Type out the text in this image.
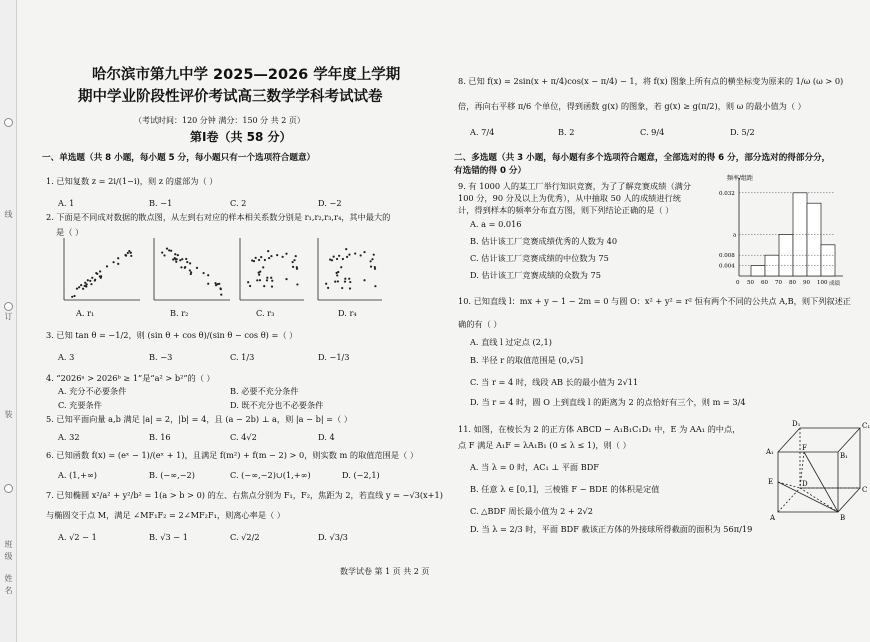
线
订
装
班
级
姓
名
哈尔滨市第九中学 2025—2026 学年度上学期
期中学业阶段性评价考试高三数学学科考试试卷
（考试时间：120 分钟 满分：150 分 共 2 页）
第Ⅰ卷（共 58 分）
一、单选题（共 8 小题，每小题 5 分，每小题只有一个选项符合题意）
1. 已知复数 z = 2i/(1−i)，则 z 的虚部为（ ）
A. 1	B. −1	C. 2	D. −2
2. 下面是不同成对数据的散点图，从左到右对应的样本相关系数分别是 r₁,r₂,r₃,r₄，其中最大的
是（ ）
A. r₁	B. r₂	C. r₃	D. r₄
3. 已知 tan θ = −1/2，则 (sin θ + cos θ)/(sin θ − cos θ) =（ ）
A. 3	B. −3	C. 1/3	D. −1/3
4. “2026ᵃ > 2026ᵇ ≥ 1”是“a² > b²”的（ ）
A. 充分不必要条件	B. 必要不充分条件
C. 充要条件	D. 既不充分也不必要条件
5. 已知平面向量 a,b 满足 |a| = 2，|b| = 4，且 (a − 2b) ⊥ a，则 |a − b| =（ ）
A. 32	B. 16	C. 4√2	D. 4
6. 已知函数 f(x) = (eˣ − 1)/(eˣ + 1)，且满足 f(m²) + f(m − 2) > 0，则实数 m 的取值范围是（ ）
A. (1,+∞)	B. (−∞,−2)	C. (−∞,−2)∪(1,+∞)	D. (−2,1)
7. 已知椭圆 x²/a² + y²/b² = 1(a > b > 0) 的左、右焦点分别为 F₁，F₂，焦距为 2，若直线 y = −√3(x+1)
与椭圆交于点 M，满足 ∠MF₁F₂ = 2∠MF₂F₁，则离心率是（ ）
A. √2 − 1	B. √3 − 1	C. √2/2	D. √3/3
8. 已知 f(x) = 2sin(x + π/4)cos(x − π/4) − 1，将 f(x) 图象上所有点的横坐标变为原来的 1/ω (ω > 0)
倍，再向右平移 π/6 个单位，得到函数 g(x) 的图象，若 g(x) ≥ g(π/2)，则 ω 的最小值为（ ）
A. 7/4	B. 2	C. 9/4	D. 5/2
二、多选题（共 3 小题，每小题有多个选项符合题意，全部选对的得 6 分，部分选对的得部分分，
有选错的得 0 分）
9. 有 1000 人的某工厂举行知识竞赛，为了了解竞赛成绩（满分
100 分，90 分及以上为优秀），从中抽取 50 人的成绩进行统
计，得到样本的频率分布直方图，则下列结论正确的是（ ）
A. a = 0.016
B. 估计该工厂竞赛成绩优秀的人数为 40
C. 估计该工厂竞赛成绩的中位数为 75
D. 估计该工厂竞赛成绩的众数为 75
频率/组距
0.032
a
0.008
0.004
0 50 60 70 80 90 100 成绩
10. 已知直线 l：mx + y − 1 − 2m = 0 与圆 O：x² + y² = r² 恒有两个不同的公共点 A,B，则下列叙述正
确的有（ ）
A. 直线 l 过定点 (2,1)
B. 半径 r 的取值范围是 (0,√5]
C. 当 r = 4 时，线段 AB 长的最小值为 2√11
D. 当 r = 4 时，圆 O 上到直线 l 的距离为 2 的点恰好有三个，则 m = 3/4
11. 如图，在棱长为 2 的正方体 ABCD − A₁B₁C₁D₁ 中，E 为 AA₁ 的中点，
点 F 满足 A₁F = λA₁B₁ (0 ≤ λ ≤ 1)，则（ ）
A. 当 λ = 0 时，AC₁ ⊥ 平面 BDF
B. 任意 λ ∈ [0,1]，三棱锥 F − BDE 的体积是定值
C. △BDF 周长最小值为 2 + 2√2
D. 当 λ = 2/3 时，平面 BDF 截该正方体的外接球所得截面的面积为 56π/19
D₁	C₁
A₁	B₁
E
F
D
C
A	B
数学试卷 第 1 页 共 2 页
